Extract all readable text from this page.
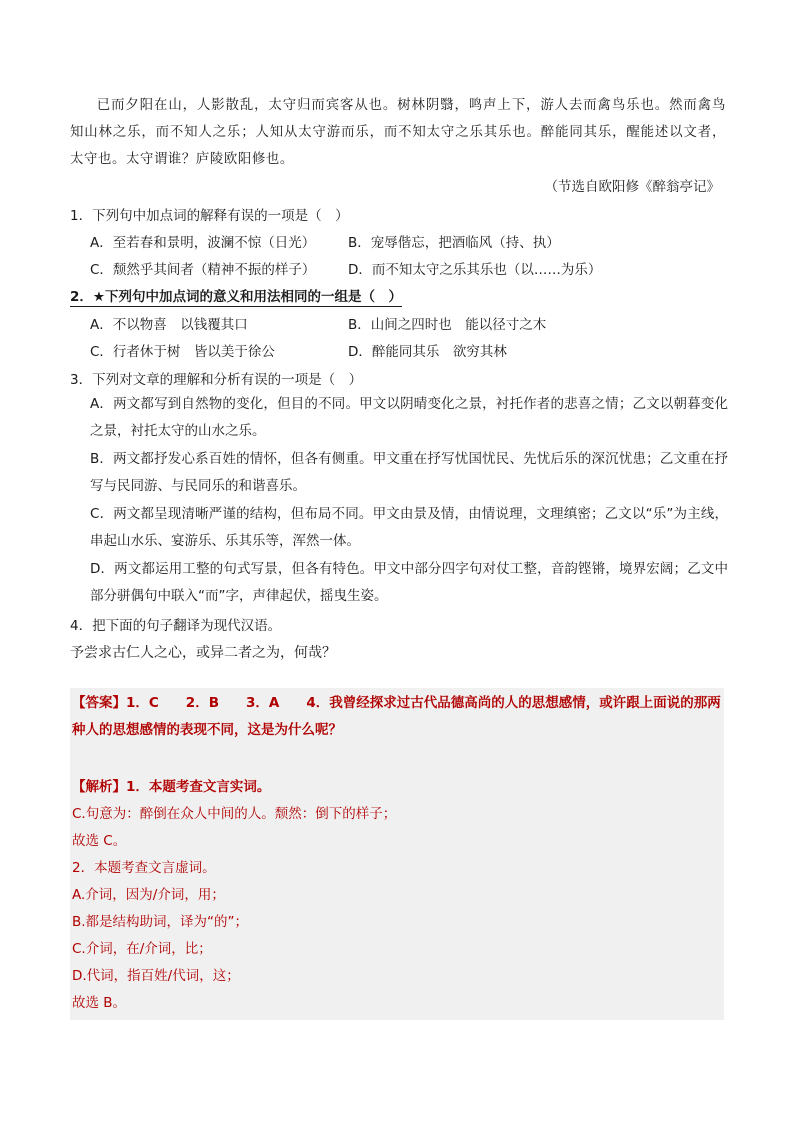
已而夕阳在山，人影散乱，太守归而宾客从也。树林阴翳，鸣声上下，游人去而禽鸟乐也。然而禽鸟知山林之乐，而不知人之乐；人知从太守游而乐，而不知太守之乐其乐也。醉能同其乐，醒能述以文者，太守也。太守谓谁？庐陵欧阳修也。
（节选自欧阳修《醉翁亭记》
1．下列句中加点词的解释有误的一项是（　）
A．至若春和景明，波澜不惊（日光） B．宠辱偕忘，把酒临风（持、执）
C．颓然乎其间者（精神不振的样子） D．而不知太守之乐其乐也（以……为乐）
2．★下列句中加点词的意义和用法相同的一组是（　）
A．不以物喜　以钱覆其口	B．山间之四时也　能以径寸之木
C．行者休于树　皆以美于徐公	D．醉能同其乐　欲穷其林
3．下列对文章的理解和分析有误的一项是（　）
A．两文都写到自然物的变化，但目的不同。甲文以阴晴变化之景，衬托作者的悲喜之情；乙文以朝暮变化之景，衬托太守的山水之乐。
B．两文都抒发心系百姓的情怀，但各有侧重。甲文重在抒写忧国忧民、先忧后乐的深沉忧患；乙文重在抒写与民同游、与民同乐的和谐喜乐。
C．两文都呈现清晰严谨的结构，但布局不同。甲文由景及情，由情说理，文理缜密；乙文以“乐”为主线，串起山水乐、宴游乐、乐其乐等，浑然一体。
D．两文都运用工整的句式写景，但各有特色。甲文中部分四字句对仗工整，音韵铿锵，境界宏阔；乙文中部分骈偶句中联入“而”字，声律起伏，摇曳生姿。
4．把下面的句子翻译为现代汉语。
予尝求古仁人之心，或异二者之为，何哉？
【答案】1．C　　2．B　　3．A　　4．我曾经探求过古代品德高尚的人的思想感情，或许跟上面说的那两种人的思想感情的表现不同，这是为什么呢？
【解析】1．本题考查文言实词。
C.句意为：醉倒在众人中间的人。颓然：倒下的样子；
故选 C。
2．本题考查文言虚词。
A.介词，因为/介词，用；
B.都是结构助词，译为“的”；
C.介词，在/介词，比；
D.代词，指百姓/代词，这；
故选 B。
